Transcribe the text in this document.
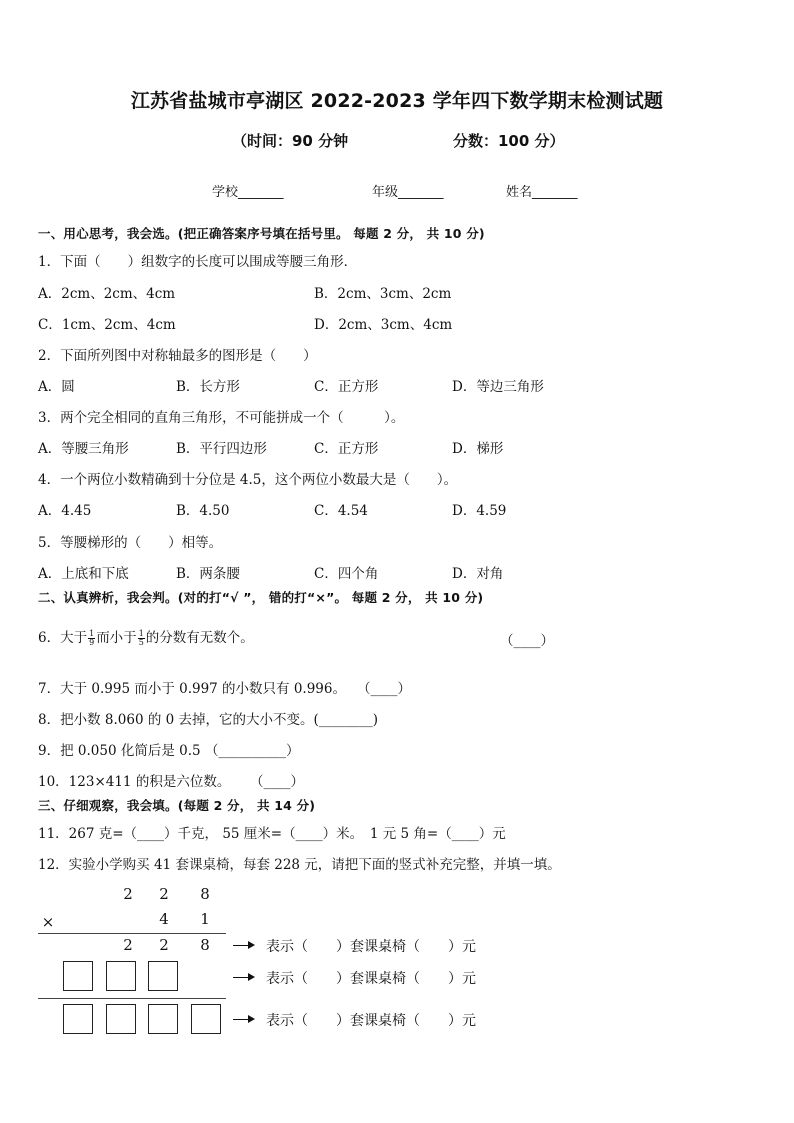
江苏省盐城市亭湖区 2022-2023 学年四下数学期末检测试题
（时间：90 分钟	分数：100 分）
学校_______	年级_______	姓名_______
一、用心思考，我会选。(把正确答案序号填在括号里。 每题 2 分， 共 10 分)
1．下面（　　）组数字的长度可以围成等腰三角形．
A．2cm、2cm、4cm	B．2cm、3cm、2cm
C．1cm、2cm、4cm	D．2cm、3cm、4cm
2．下面所列图中对称轴最多的图形是（　　）
A．圆	B．长方形	C．正方形	D．等边三角形
3．两个完全相同的直角三角形，不可能拼成一个（　　　）。
A．等腰三角形	B．平行四边形	C．正方形	D．梯形
4．一个两位小数精确到十分位是 4.5，这个两位小数最大是（　　）。
A．4.45	B．4.50	C．4.54	D．4.59
5．等腰梯形的（　　）相等。
A．上底和下底	B．两条腰	C．四个角	D．对角
二、认真辨析，我会判。(对的打“√ ”， 错的打“×”。 每题 2 分， 共 10 分)
6．大于 $\frac{1}{9}$ 而小于 $\frac{1}{5}$ 的分数有无数个。	（____）
7．大于 0.995 而小于 0.997 的小数只有 0.996。 （____）
8．把小数 8.060 的 0 去掉，它的大小不变。(________)
9．把 0.050 化简后是 0.5 （__________）
10．123×411 的积是六位数。 （____）
三、仔细观察，我会填。(每题 2 分， 共 14 分)
11．267 克=（____）千克， 55 厘米=（____）米。　1 元 5 角=（____）元
12．实验小学购买 41 套课桌椅，每套 228 元，请把下面的竖式补充完整，并填一填。
2 2 8
×	4 1
2 2 8	表示（　　）套课桌椅（　　）元
表示（　　）套课桌椅（　　）元
表示（　　）套课桌椅（　　）元
